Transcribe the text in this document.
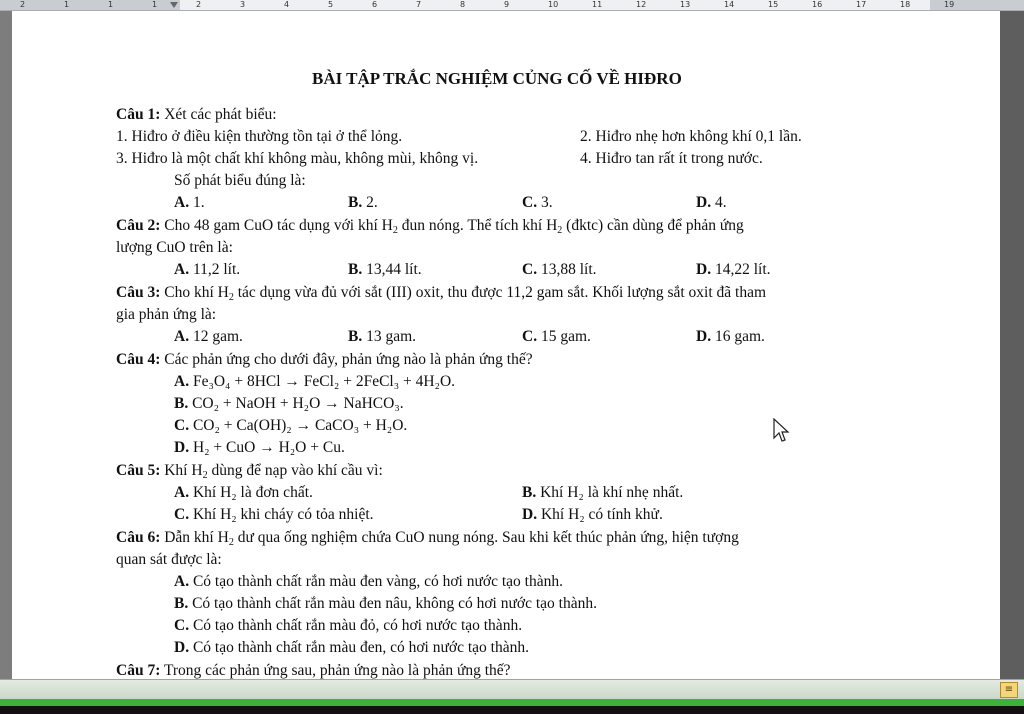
2	1	1	1	2	3	4	5	6	7	8	9	10	11	12	13	14	15	16	17	18	19
BÀI TẬP TRẮC NGHIỆM CỦNG CỐ VỀ HIĐRO
Câu 1: Xét các phát biểu:
1. Hiđro ở điều kiện thường tồn tại ở thể lỏng.	2. Hiđro nhẹ hơn không khí 0,1 lần.
3. Hiđro là một chất khí không màu, không mùi, không vị.	4. Hiđro tan rất ít trong nước.
Số phát biểu đúng là:
A. 1.	B. 2.	C. 3.	D. 4.
Câu 2: Cho 48 gam CuO tác dụng với khí $H_2$ đun nóng. Thể tích khí $H_2$ (đktc) cần dùng để phản ứng
lượng CuO trên là:
A. 11,2 lít.	B. 13,44 lít.	C. 13,88 lít.	D. 14,22 lít.
Câu 3: Cho khí $H_2$ tác dụng vừa đủ với sắt (III) oxit, thu được 11,2 gam sắt. Khối lượng sắt oxit đã tham
gia phản ứng là:
A. 12 gam.	B. 13 gam.	C. 15 gam.	D. 16 gam.
Câu 4: Các phản ứng cho dưới đây, phản ứng nào là phản ứng thế?
A. Fe₃O₄ + 8HCl → FeCl₂ + 2FeCl₃ + 4H₂O.
B. CO₂ + NaOH + H₂O → NaHCO₃.
C. CO₂ + Ca(OH)₂ → CaCO₃ + H₂O.
D. H₂ + CuO → H₂O + Cu.
Câu 5: Khí $H_2$ dùng để nạp vào khí cầu vì:
A. Khí H₂ là đơn chất.	B. Khí H₂ là khí nhẹ nhất.
C. Khí H₂ khi cháy có tỏa nhiệt.	D. Khí H₂ có tính khử.
Câu 6: Dẫn khí $H_2$ dư qua ống nghiệm chứa CuO nung nóng. Sau khi kết thúc phản ứng, hiện tượng
quan sát được là:
A. Có tạo thành chất rắn màu đen vàng, có hơi nước tạo thành.
B. Có tạo thành chất rắn màu đen nâu, không có hơi nước tạo thành.
C. Có tạo thành chất rắn màu đỏ, có hơi nước tạo thành.
D. Có tạo thành chất rắn màu đen, có hơi nước tạo thành.
Câu 7: Trong các phản ứng sau, phản ứng nào là phản ứng thế?
≡
